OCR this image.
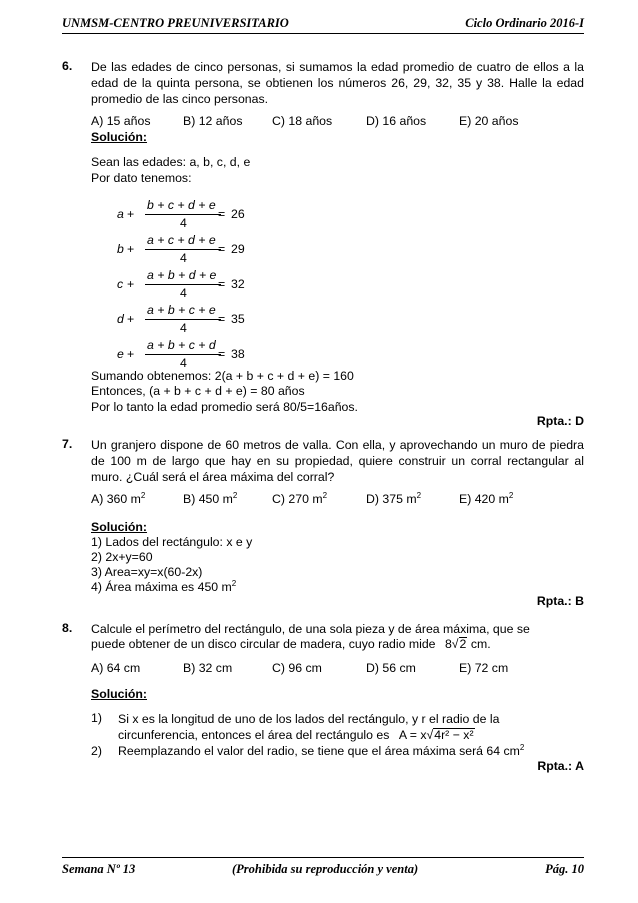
UNMSM-CENTRO PREUNIVERSITARIO	Ciclo Ordinario 2016-I
6. De las edades de cinco personas, si sumamos la edad promedio de cuatro de ellos a la edad de la quinta persona, se obtienen los números 26, 29, 32, 35 y 38. Halle la edad promedio de las cinco personas.
A) 15 años	B) 12 años C) 18 años	D) 16 años	E) 20 años
Solución:
Sean las edades: a, b, c, d, e
Por dato tenemos:
a +
b + c + d + e
4
= 26
b +
a + c + d + e
4
= 29
c +
a + b + d + e
4
= 32
d +
a + b + c + e
4
= 35
e +
a + b + c + d
4
= 38
Sumando obtenemos: 2(a + b + c + d + e) = 160
Entonces, (a + b + c + d + e) = 80 años
Por lo tanto la edad promedio será 80/5=16años.
Rpta.: D
7. Un granjero dispone de 60 metros de valla. Con ella, y aprovechando un muro de piedra de 100 m de largo que hay en su propiedad, quiere construir un corral rectangular al muro. ¿Cuál será el área máxima del corral?
A) 360 $m^2$	B) 450 $m^2$	C) 270 $m^2$	D) 375 $m^2$	E) 420 $m^2$
Solución:
1) Lados del rectángulo: x e y
2) 2x+y=60
3) Area=xy=x(60-2x)
4) Área máxima es 450 $m^2$
Rpta.: B
8. Calcule el perímetro del rectángulo, de una sola pieza y de área máxima, que se
puede obtener de un disco circular de madera, cuyo radio mide 8√2 cm.
A) 64 cm	B) 32 cm	C) 96 cm	D) 56 cm	E) 72 cm
Solución:
1) Si x es la longitud de uno de los lados del rectángulo, y r el radio de la
circunferencia, entonces el área del rectángulo es A = x√4r² − x²
2) Reemplazando el valor del radio, se tiene que el área máxima será 64 $cm^2$
Rpta.: A
Semana Nº 13	(Prohibida su reproducción y venta)	Pág. 10
